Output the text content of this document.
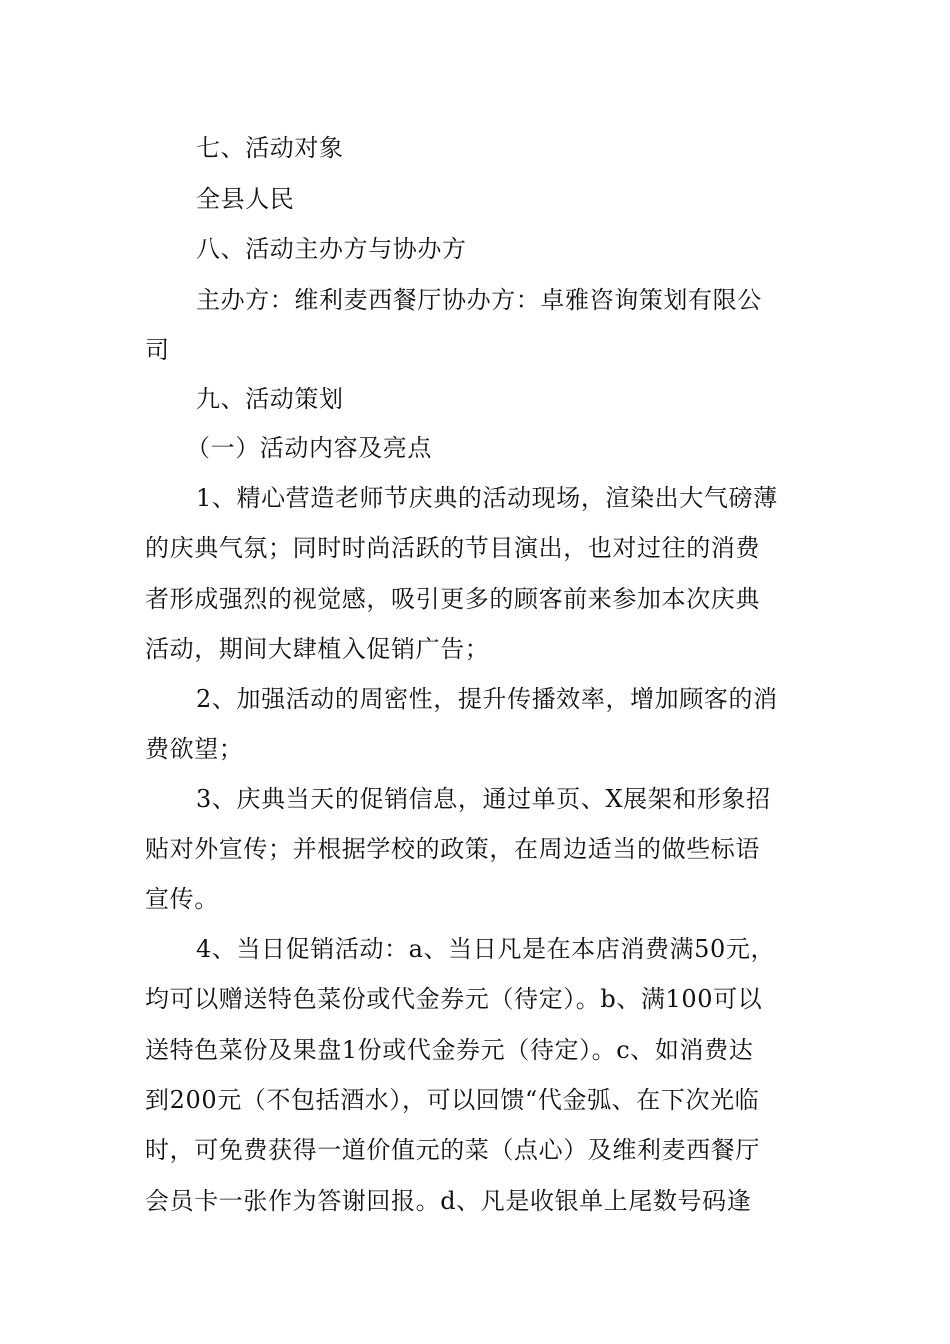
七、活动对象
全县人民
八、活动主办方与协办方
主办方：维利麦西餐厅协办方：卓雅咨询策划有限公
司
九、活动策划
（一）活动内容及亮点
1、精心营造老师节庆典的活动现场，渲染出大气磅薄
的庆典气氛；同时时尚活跃的节目演出，也对过往的消费
者形成强烈的视觉感，吸引更多的顾客前来参加本次庆典
活动，期间大肆植入促销广告；
2、加强活动的周密性，提升传播效率，增加顾客的消
费欲望；
3、庆典当天的促销信息，通过单页、X展架和形象招
贴对外宣传；并根据学校的政策，在周边适当的做些标语
宣传。
4、当日促销活动：a、当日凡是在本店消费满50元，
均可以赠送特色菜份或代金券元（待定）。b、满100可以
送特色菜份及果盘1份或代金券元（待定）。c、如消费达
到200元（不包括酒水），可以回馈“代金弧、在下次光临
时，可免费获得一道价值元的菜（点心）及维利麦西餐厅
会员卡一张作为答谢回报。d、凡是收银单上尾数号码逢
